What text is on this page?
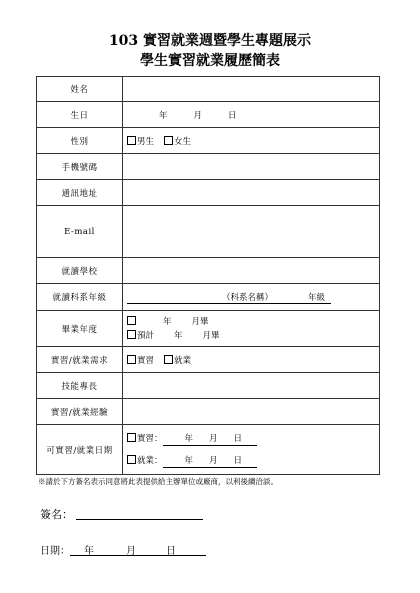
103 實習就業週暨學生專題展示
學生實習就業履歷簡表
姓名	
生日	年 月 日
性別	男生 女生
手機號碼	
通訊地址	
E-mail	
就讀學校	
就讀科系年級	（科系名稱） 年級
畢業年度	年 月畢
預計 年 月畢

實習/就業需求	實習 就業
技能專長	
實習/就業經驗	
可實習/就業日期	實習： 年 月 日
就業： 年 月 日
※請於下方簽名表示同意將此表提供給主辦單位或廠商，以利後續洽談。
簽名：
日期： 年	月	日
